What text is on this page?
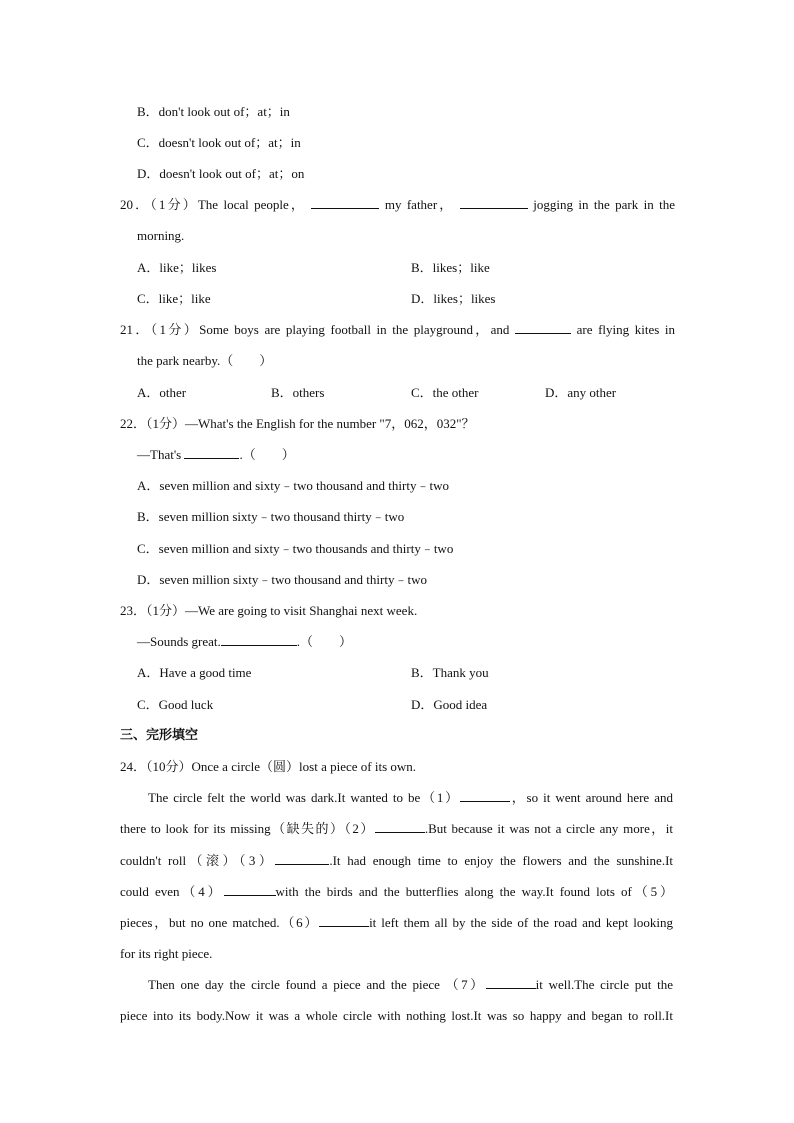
B．don't look out of；at；in
C．doesn't look out of；at；in
D．doesn't look out of；at；on
20．（1分）The local people，	my father，	jogging in the park in the
morning.
A．like；likes	B．likes；like
C．like；like	D．likes；likes
21．（1分）Some boys are playing football in the playground，and	are flying kites in
the park nearby.（　　）
A．other	B．others	C．the other	D．any other
22．（1分）—What's the English for the number "7，062，032"？
—That's	.（　　）
A．seven million and sixty﹣two thousand and thirty﹣two
B．seven million sixty﹣two thousand thirty﹣two
C．seven million and sixty﹣two thousands and thirty﹣two
D．seven million sixty﹣two thousand and thirty﹣two
23．（1分）—We are going to visit Shanghai next week.
—Sounds great.	.（　　）
A．Have a good time	B．Thank you
C．Good luck	D．Good idea
三、完形填空
24．（10分）Once a circle（圆）lost a piece of its own.
The circle felt the world was dark.It wanted to be（1）	，so it went around here and
there to look for its missing（缺失的）（2）	.But because it was not a circle any more，it
couldn't roll（滚）（3）	.It had enough time to enjoy the flowers and the sunshine.It
could even（4）	with the birds and the butterflies along the way.It found lots of（5）
pieces，but no one matched.（6）	it left them all by the side of the road and kept looking
for its right piece.
Then one day the circle found a piece and the piece （7）	it well.The circle put the
piece into its body.Now it was a whole circle with nothing lost.It was so happy and began to roll.It
